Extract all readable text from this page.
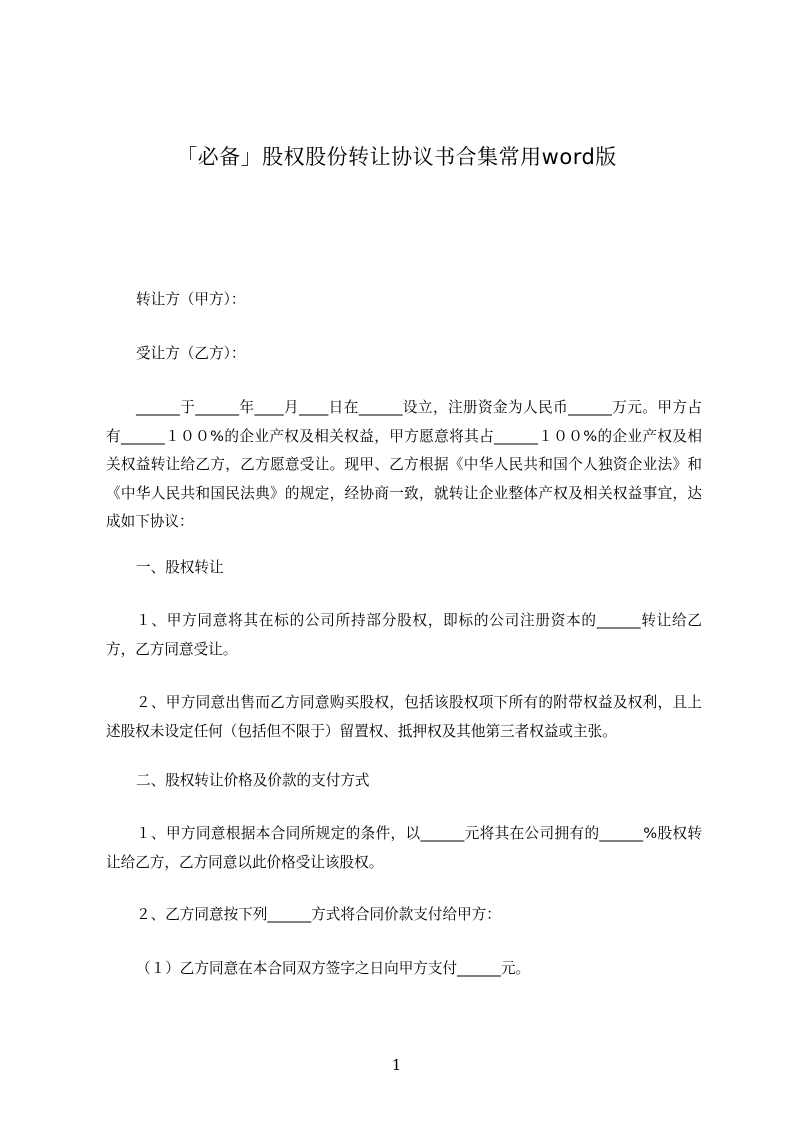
「必备」股权股份转让协议书合集常用word版
转让方（甲方）：
受让方（乙方）：
______于______年____月____日在______设立，注册资金为人民币______万元。甲方占有______１００%的企业产权及相关权益，甲方愿意将其占______１００%的企业产权及相关权益转让给乙方，乙方愿意受让。现甲、乙方根据《中华人民共和国个人独资企业法》和《中华人民共和国民法典》的规定，经协商一致，就转让企业整体产权及相关权益事宜，达成如下协议：
一、股权转让
１、甲方同意将其在标的公司所持部分股权，即标的公司注册资本的______转让给乙方，乙方同意受让。
２、甲方同意出售而乙方同意购买股权，包括该股权项下所有的附带权益及权利，且上述股权未设定任何（包括但不限于）留置权、抵押权及其他第三者权益或主张。
二、股权转让价格及价款的支付方式
１、甲方同意根据本合同所规定的条件，以______元将其在公司拥有的______%股权转让给乙方，乙方同意以此价格受让该股权。
２、乙方同意按下列______方式将合同价款支付给甲方：
（１）乙方同意在本合同双方签字之日向甲方支付______元。
1
